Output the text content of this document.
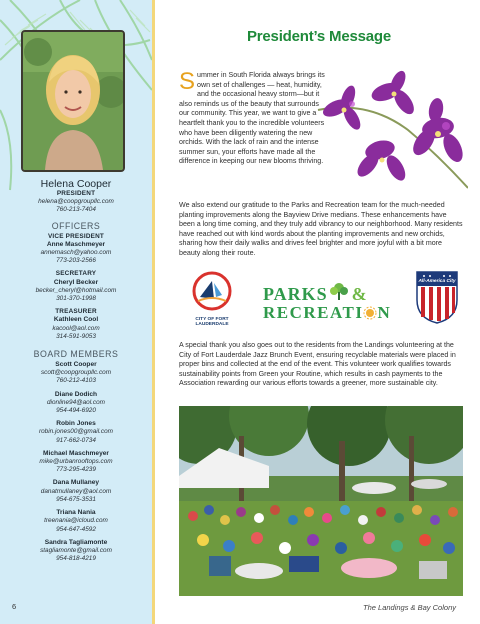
Helena Cooper
PRESIDENT
helena@coopgroupllc.com
760-213-7404
OFFICERS
VICE PRESIDENT
Anne Maschmeyer
annemasch@yahoo.com
773-203-2566
SECRETARY
Cheryl Becker
becker_cheryl@hotmail.com
301-370-1998
TREASURER
Kathleen Cool
kacool@aol.com
314-591-9053
BOARD MEMBERS
Scott Cooper
scott@coopgroupllc.com
760-212-4103
Diane Dodich
dionline94@aol.com
954-494-6920
Robin Jones
robin.jones00@gmail.com
917-662-0734
Michael Maschmeyer
mike@urbanrooftops.com
773-295-4239
Dana Mullaney
danatmullaney@aol.com
954-675-3531
Triana Nania
treenania@icloud.com
954-647-4592
Sandra Tagliamonte
stagliamonte@gmail.com
954-818-4219
6
President’s Message
S ummer in South Florida always brings its own set of challenges — heat, humidity, and the occasional heavy storm—but it also reminds us of the beauty that surrounds our community. This year, we want to give a heartfelt thank you to the incredible volunteers who have been diligently watering the new orchids. With the lack of rain and the intense summer sun, your efforts have made all the difference in keeping our new blooms thriving.
We also extend our gratitude to the Parks and Recreation team for the much-needed planting improvements along the Bayview Drive medians. These enhancements have been a long time coming, and they truly add vibrancy to our neighborhood. Many residents have reached out with kind words about the planting improvements and new orchids, sharing how their daily walks and drives feel brighter and more joyful with a bit more beauty along their route.
CITY OF FORT LAUDERDALE
PARKS &
RECREATI N
All-America City
A special thank you also goes out to the residents from the Landings volunteering at the City of Fort Lauderdale Jazz Brunch Event, ensuring recyclable materials were placed in proper bins and collected at the end of the event. This volunteer work qualifies towards sustainability points from Green your Routine, which results in cash payments to the Association rewarding our various efforts towards a greener, more sustainable city.
The Landings & Bay Colony
